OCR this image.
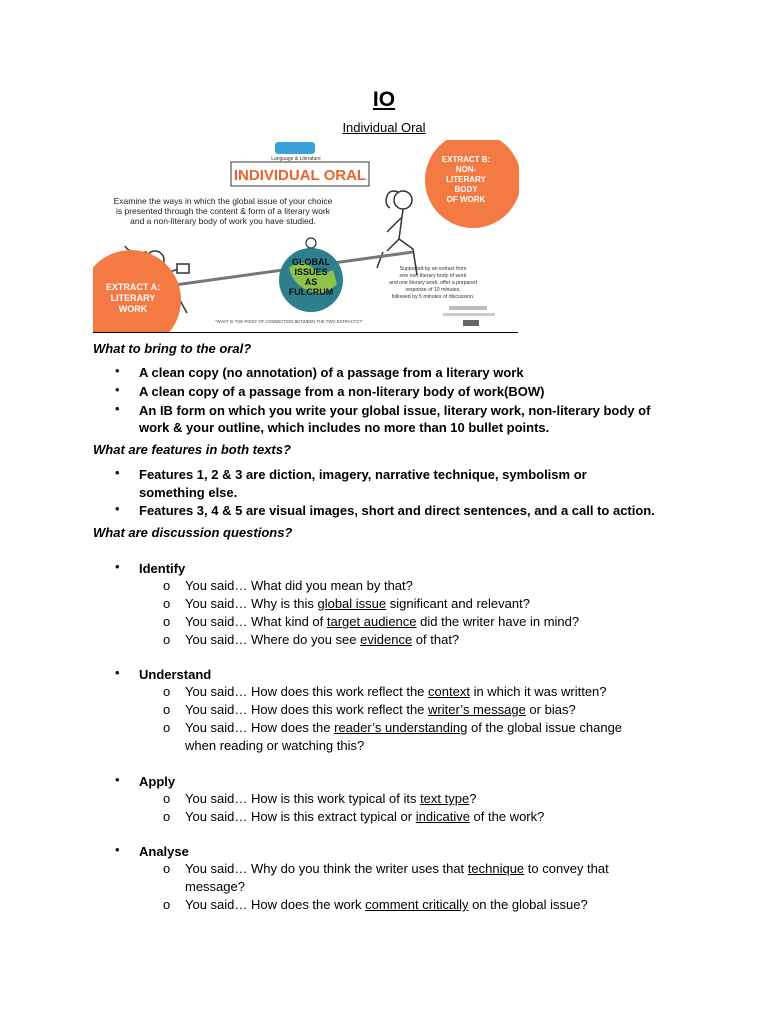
IO
Individual Oral
Language & Literature
INDIVIDUAL ORAL
Examine the ways in which the global issue of your choice
is presented through the content & form of a literary work
and a non-literary body of work you have studied.
EXTRACT B:
NON-
LITERARY
BODY
OF WORK
GLOBAL
ISSUES
AS
FULCRUM
EXTRACT A:
LITERARY
WORK
Supported by an extract from
one non-literary body of work
and one literary work, offer a prepared
response of 10 minutes,
followed by 5 minutes of discussion.
"WHAT IS THE POINT OF CONNECTION BETWEEN THE TWO EXTRACTS?"
What to bring to the oral?
• A clean copy (no annotation) of a passage from a literary work
• A clean copy of a passage from a non-literary body of work(BOW)
• An IB form on which you write your global issue, literary work, non-literary body of
work & your outline, which includes no more than 10 bullet points.
What are features in both texts?
• Features 1, 2 & 3 are diction, imagery, narrative technique, symbolism or
something else.
• Features 3, 4 & 5 are visual images, short and direct sentences, and a call to action.
What are discussion questions?
• Identify
o You said… What did you mean by that?
o You said… Why is this global issue significant and relevant?
o You said… What kind of target audience did the writer have in mind?
o You said… Where do you see evidence of that?
• Understand
o You said… How does this work reflect the context in which it was written?
o You said… How does this work reflect the writer’s message or bias?
o You said… How does the reader’s understanding of the global issue change
when reading or watching this?
• Apply
o You said… How is this work typical of its text type?
o You said… How is this extract typical or indicative of the work?
• Analyse
o You said… Why do you think the writer uses that technique to convey that
message?
o You said… How does the work comment critically on the global issue?
